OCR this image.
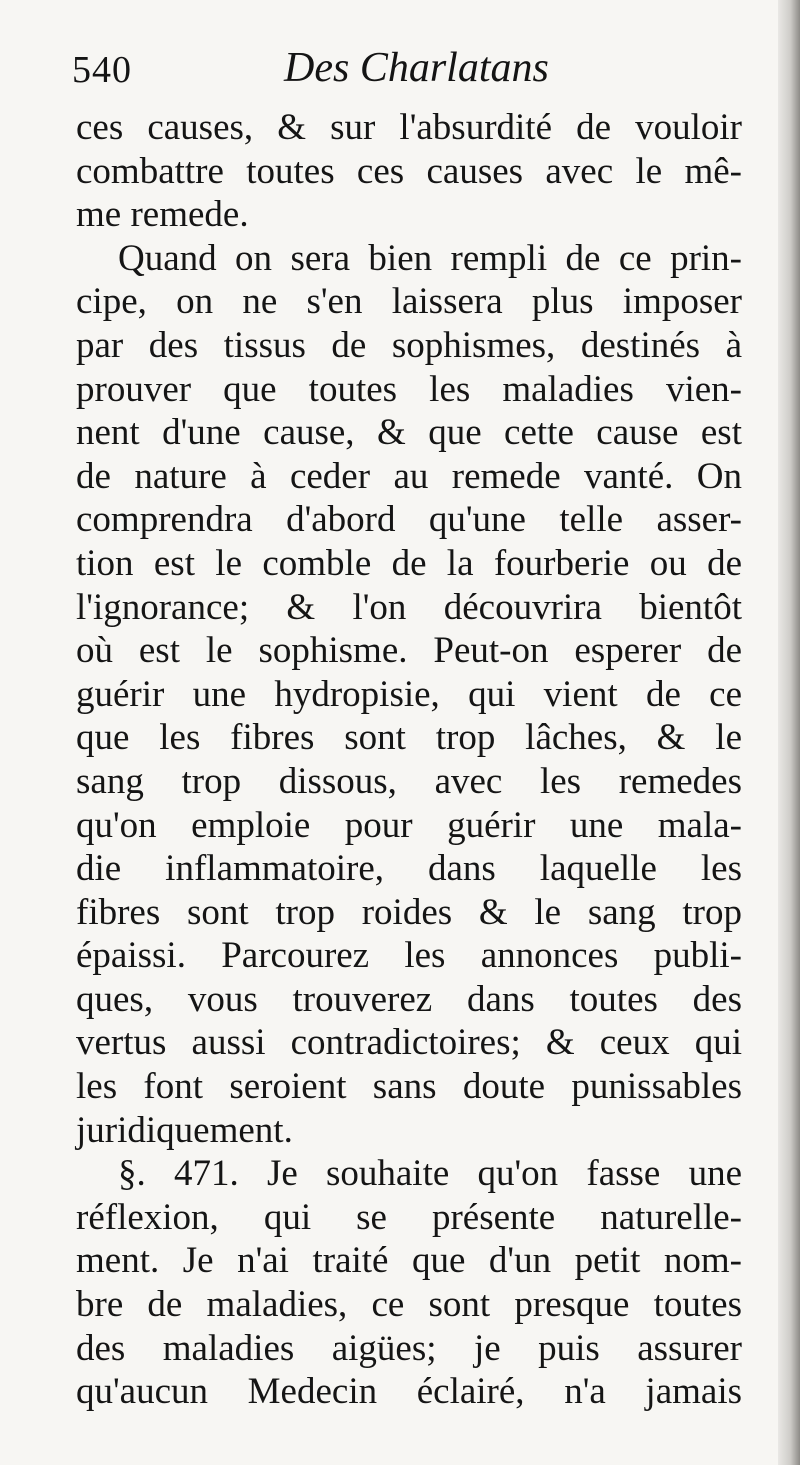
540	Des Charlatans
ces causes, & sur l'absurdité de vouloir
combattre toutes ces causes avec le mê-
me remede.
Quand on sera bien rempli de ce prin-
cipe, on ne s'en laissera plus imposer
par des tissus de sophismes, destinés à
prouver que toutes les maladies vien-
nent d'une cause, & que cette cause est
de nature à ceder au remede vanté. On
comprendra d'abord qu'une telle asser-
tion est le comble de la fourberie ou de
l'ignorance; & l'on découvrira bientôt
où est le sophisme. Peut-on esperer de
guérir une hydropisie, qui vient de ce
que les fibres sont trop lâches, & le
sang trop dissous, avec les remedes
qu'on emploie pour guérir une mala-
die inflammatoire, dans laquelle les
fibres sont trop roides & le sang trop
épaissi. Parcourez les annonces publi-
ques, vous trouverez dans toutes des
vertus aussi contradictoires; & ceux qui
les font seroient sans doute punissables
juridiquement.
§. 471. Je souhaite qu'on fasse une
réflexion, qui se présente naturelle-
ment. Je n'ai traité que d'un petit nom-
bre de maladies, ce sont presque toutes
des maladies aigües; je puis assurer
qu'aucun Medecin éclairé, n'a jamais
